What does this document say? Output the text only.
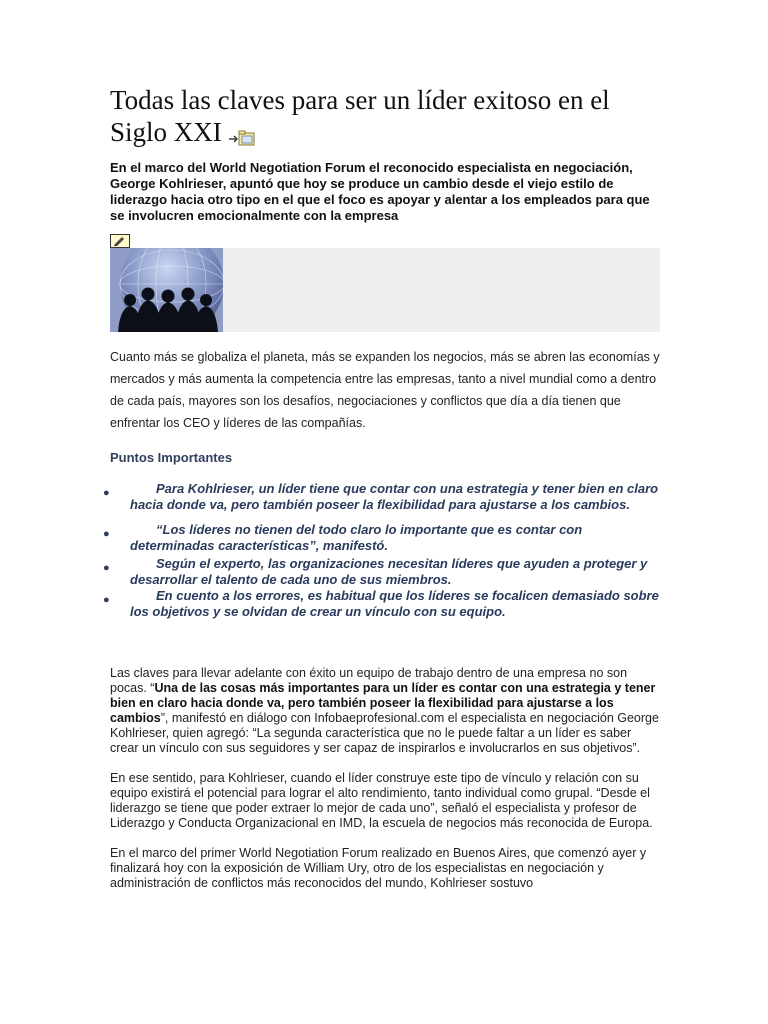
Todas las claves para ser un líder exitoso en el Siglo XXI

En el marco del World Negotiation Forum el reconocido especialista en negociación, George Kohlrieser, apuntó que hoy se produce un cambio desde el viejo estilo de liderazgo hacia otro tipo en el que el foco es apoyar y alentar a los empleados para que se involucren emocionalmente con la empresa

Cuanto más se globaliza el planeta, más se expanden los negocios, más se abren las economías y mercados y más aumenta la competencia entre las empresas, tanto a nivel mundial como a dentro de cada país, mayores son los desafíos, negociaciones y conflictos que día a día tienen que enfrentar los CEO y líderes de las compañías.

Puntos Importantes

●	Para Kohlrieser, un líder tiene que contar con una estrategia y tener bien en claro hacia donde va, pero también poseer la flexibilidad para ajustarse a los cambios.
●	“Los líderes no tienen del todo claro lo importante que es contar con determinadas características”, manifestó.
●	Según el experto, las organizaciones necesitan líderes que ayuden a proteger y desarrollar el talento de cada uno de sus miembros.
●	En cuento a los errores, es habitual que los líderes se focalicen demasiado sobre los objetivos y se olvidan de crear un vínculo con su equipo.

Las claves para llevar adelante con éxito un equipo de trabajo dentro de una empresa no son pocas. “Una de las cosas más importantes para un líder es contar con una estrategia y tener bien en claro hacia donde va, pero también poseer la flexibilidad para ajustarse a los cambios”, manifestó en diálogo con Infobaeprofesional.com el especialista en negociación George Kohlrieser, quien agregó: “La segunda característica que no le puede faltar a un líder es saber crear un vínculo con sus seguidores y ser capaz de inspirarlos e involucrarlos en sus objetivos”.

En ese sentido, para Kohlrieser, cuando el líder construye este tipo de vínculo y relación con su equipo existirá el potencial para lograr el alto rendimiento, tanto individual como grupal. “Desde el liderazgo se tiene que poder extraer lo mejor de cada uno”, señaló el especialista y profesor de Liderazgo y Conducta Organizacional en IMD, la escuela de negocios más reconocida de Europa.

En el marco del primer World Negotiation Forum realizado en Buenos Aires, que comenzó ayer y finalizará hoy con la exposición de William Ury, otro de los especialistas en negociación y administración de conflictos más reconocidos del mundo, Kohlrieser sostuvo
